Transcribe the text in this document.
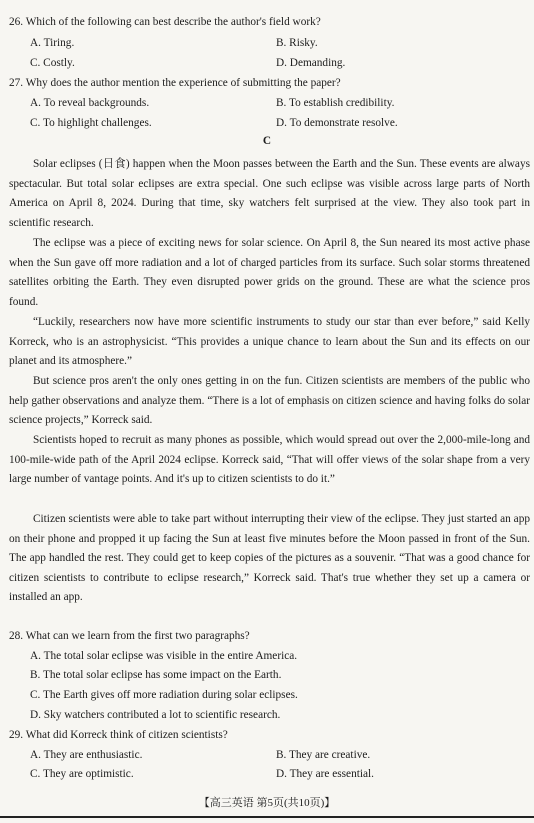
26. Which of the following can best describe the author's field work?
A. Tiring.	B. Risky.
C. Costly.	D. Demanding.
27. Why does the author mention the experience of submitting the paper?
A. To reveal backgrounds.	B. To establish credibility.
C. To highlight challenges.	D. To demonstrate resolve.
C
Solar eclipses (日食) happen when the Moon passes between the Earth and the Sun. These events are always spectacular. But total solar eclipses are extra special. One such eclipse was visible across large parts of North America on April 8, 2024. During that time, sky watchers felt surprised at the view. They also took part in scientific research.
The eclipse was a piece of exciting news for solar science. On April 8, the Sun neared its most active phase when the Sun gave off more radiation and a lot of charged particles from its surface. Such solar storms threatened satellites orbiting the Earth. They even disrupted power grids on the ground. These are what the science pros found.
“Luckily, researchers now have more scientific instruments to study our star than ever before,” said Kelly Korreck, who is an astrophysicist. “This provides a unique chance to learn about the Sun and its effects on our planet and its atmosphere.”
But science pros aren't the only ones getting in on the fun. Citizen scientists are members of the public who help gather observations and analyze them. “There is a lot of emphasis on citizen science and having folks do solar science projects,” Korreck said.
Scientists hoped to recruit as many phones as possible, which would spread out over the 2,000-mile-long and 100-mile-wide path of the April 2024 eclipse. Korreck said, “That will offer views of the solar shape from a very large number of vantage points. And it's up to citizen scientists to do it.”
Citizen scientists were able to take part without interrupting their view of the eclipse. They just started an app on their phone and propped it up facing the Sun at least five minutes before the Moon passed in front of the Sun. The app handled the rest. They could get to keep copies of the pictures as a souvenir. “That was a good chance for citizen scientists to contribute to eclipse research,” Korreck said. That's true whether they set up a camera or installed an app.
28. What can we learn from the first two paragraphs?
A. The total solar eclipse was visible in the entire America.
B. The total solar eclipse has some impact on the Earth.
C. The Earth gives off more radiation during solar eclipses.
D. Sky watchers contributed a lot to scientific research.
29. What did Korreck think of citizen scientists?
A. They are enthusiastic.	B. They are creative.
C. They are optimistic.	D. They are essential.
【高三英语 第5页(共10页)】
